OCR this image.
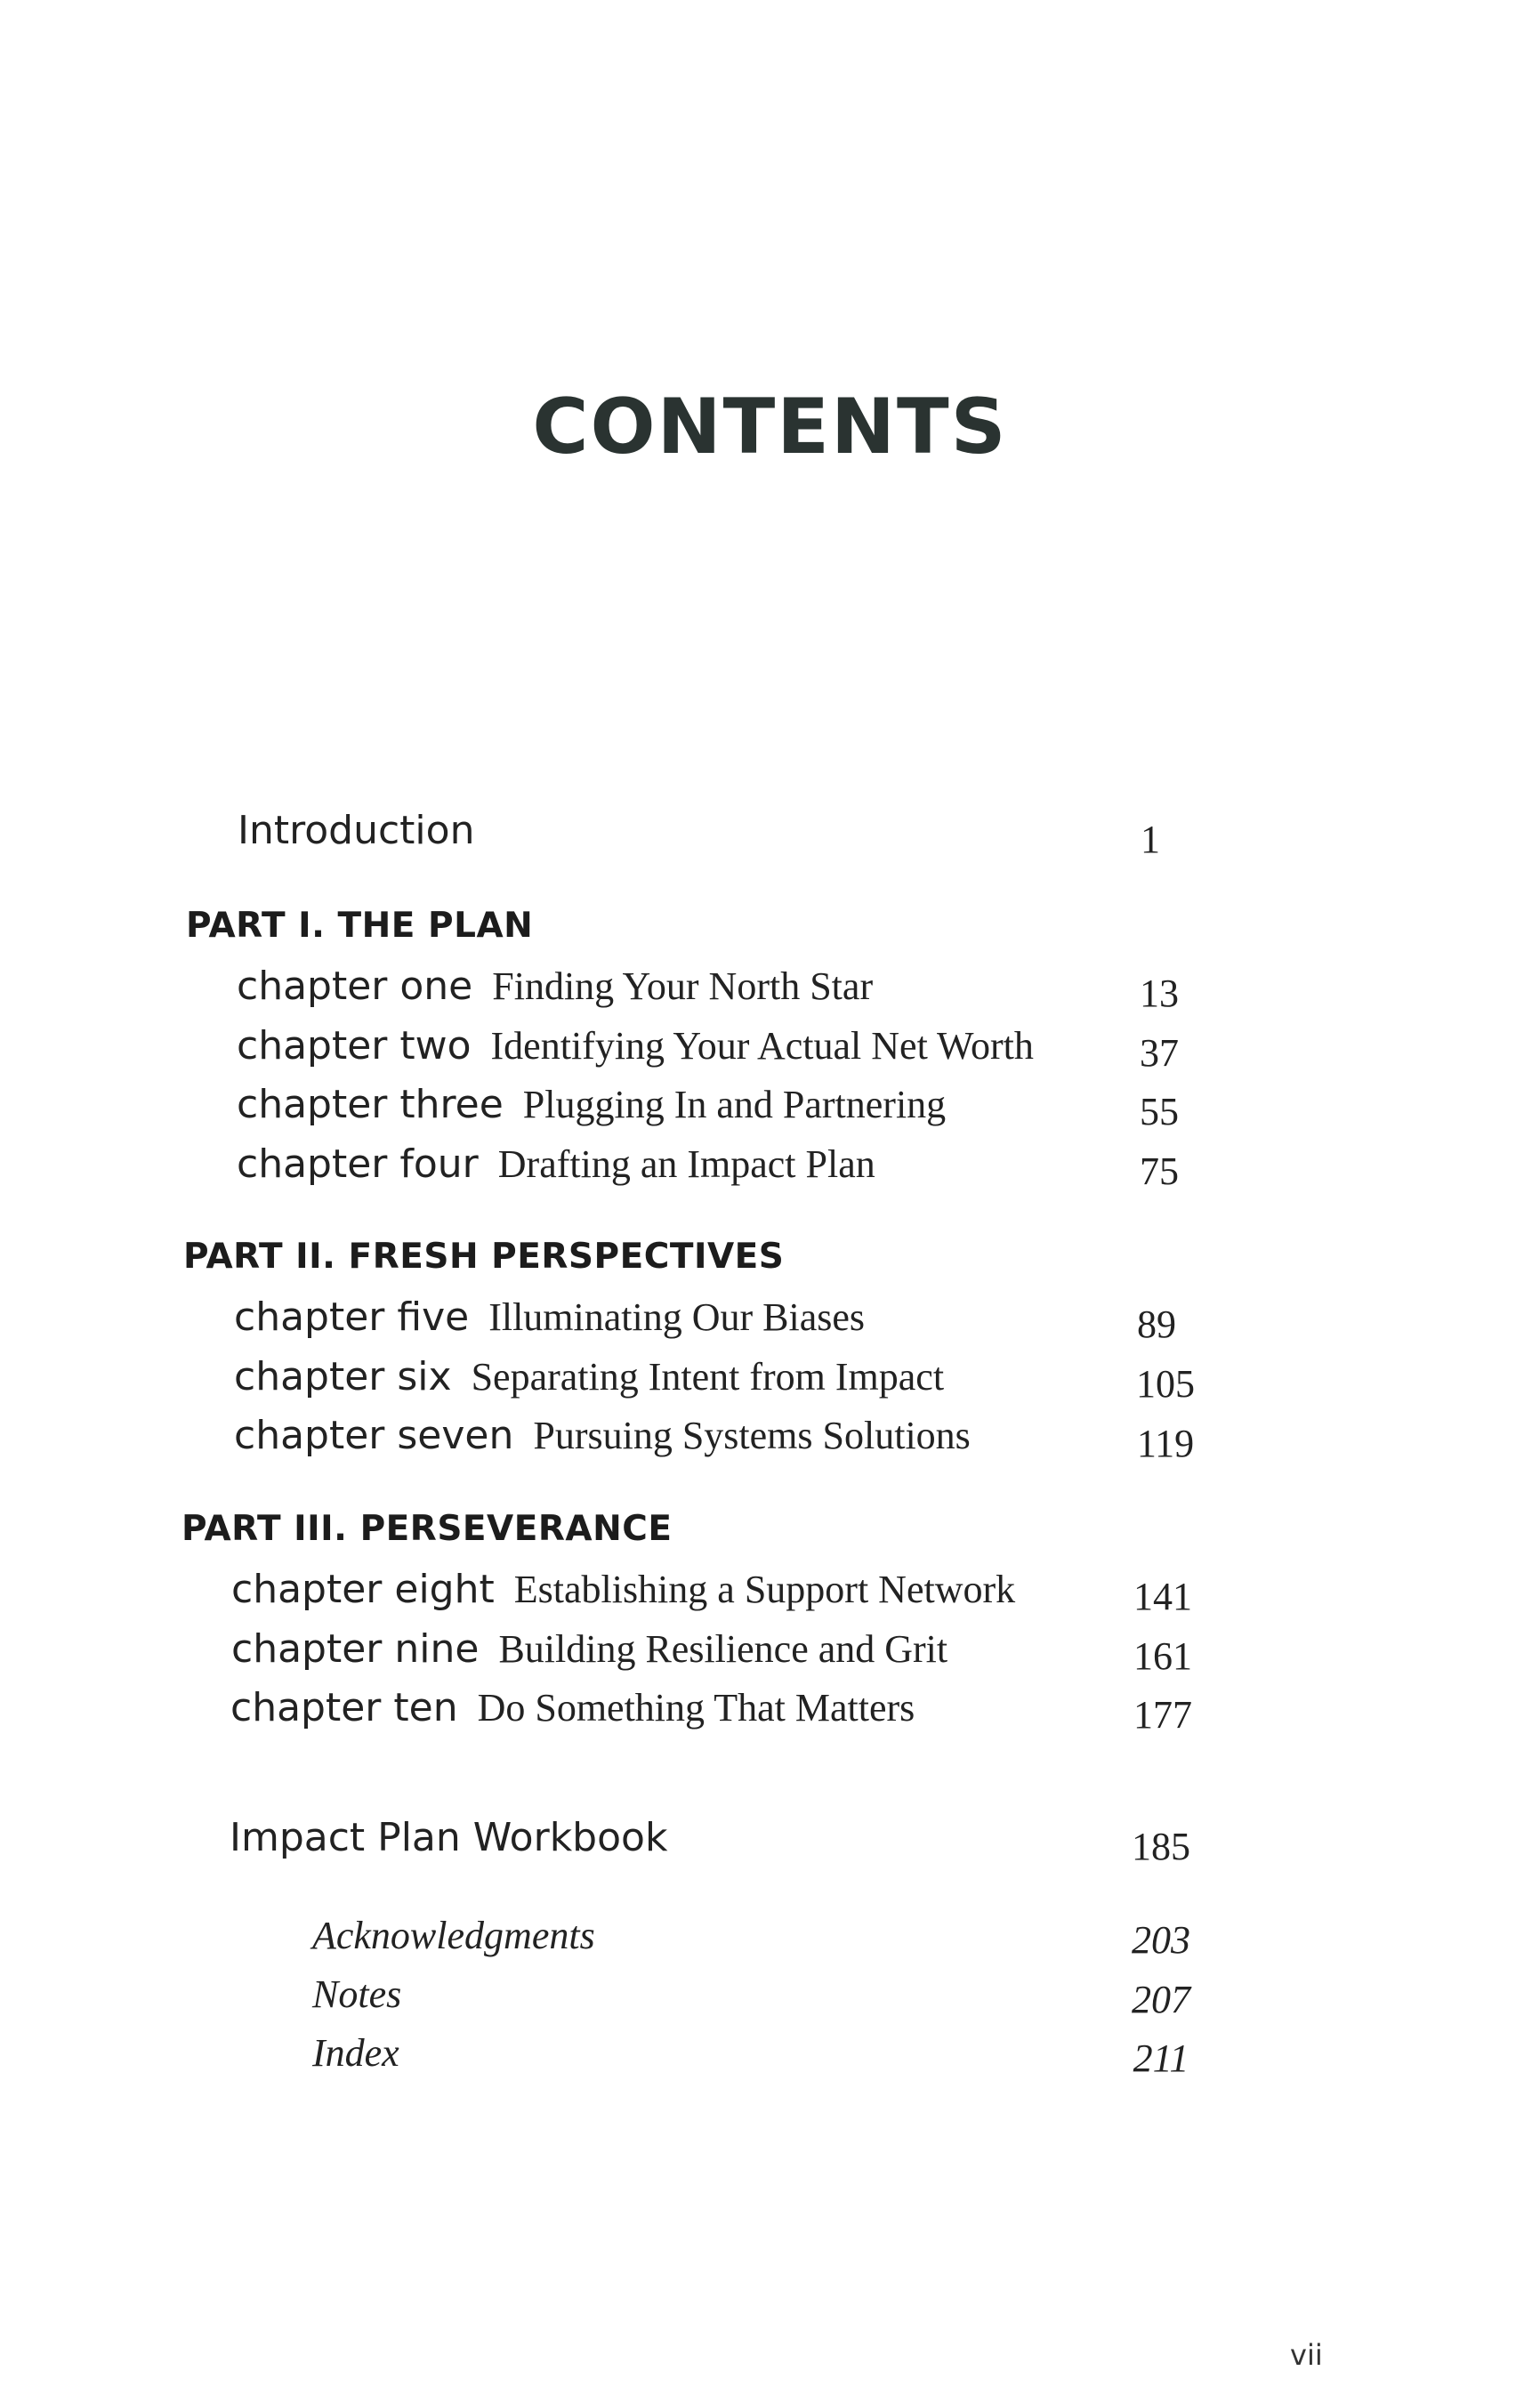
CONTENTS
Introduction	1
PART I. THE PLAN
chapter one Finding Your North Star	13
chapter two Identifying Your Actual Net Worth	37
chapter three Plugging In and Partnering	55
chapter four Drafting an Impact Plan	75
PART II. FRESH PERSPECTIVES
chapter five Illuminating Our Biases	89
chapter six Separating Intent from Impact	105
chapter seven Pursuing Systems Solutions	119
PART III. PERSEVERANCE
chapter eight Establishing a Support Network	141
chapter nine Building Resilience and Grit	161
chapter ten Do Something That Matters	177
Impact Plan Workbook	185
Acknowledgments	203
Notes	207
Index	211
vii
